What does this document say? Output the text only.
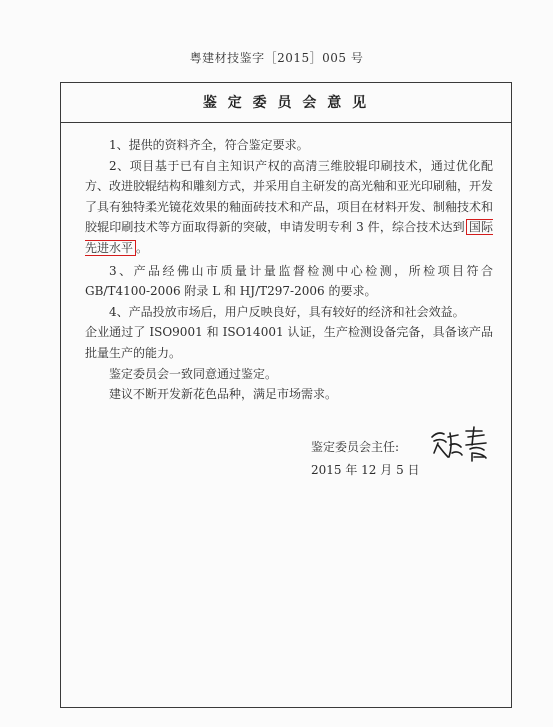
粤建材技鉴字［2015］005 号
鉴 定 委 员 会 意 见

1、提供的资料齐全，符合鉴定要求。

2、项目基于已有自主知识产权的高清三维胶辊印刷技术，通过优化配方、改进胶辊结构和雕刻方式，并采用自主研发的高光釉和亚光印刷釉，开发了具有独特柔光镜花效果的釉面砖技术和产品，项目在材料开发、制釉技术和胶辊印刷技术等方面取得新的突破，申请发明专利 3 件，综合技术达到 国际先进水平 。

3、产品经佛山市质量计量监督检测中心检测，所检项目符合 GB/T4100-2006 附录 L 和 HJ/T297-2006 的要求。

4、产品投放市场后，用户反映良好，具有较好的经济和社会效益。

企业通过了 ISO9001 和 ISO14001 认证，生产检测设备完备，具备该产品批量生产的能力。

鉴定委员会一致同意通过鉴定。

建议不断开发新花色品种，满足市场需求。

鉴定委员会主任:
2015 年 12 月 5 日
